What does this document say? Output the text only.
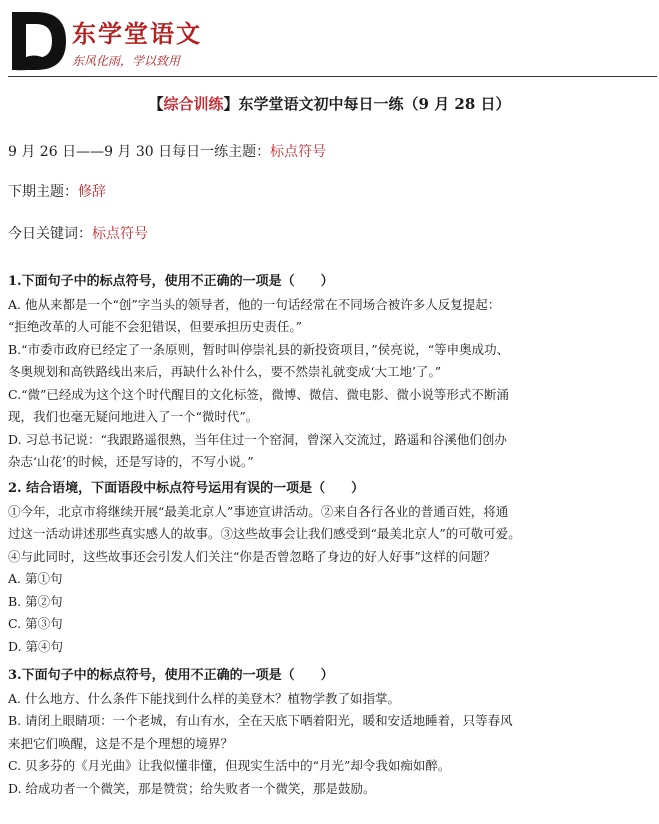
东学堂语文
东风化雨，学以致用
【综合训练】东学堂语文初中每日一练（9 月 28 日）
9 月 26 日——9 月 30 日每日一练主题：标点符号
下期主题：修辞
今日关键词：标点符号
1.下面句子中的标点符号，使用不正确的一项是（　　）
A. 他从来都是一个“创”字当头的领导者，他的一句话经常在不同场合被许多人反复提起：
“拒绝改革的人可能不会犯错误，但要承担历史责任。”
B.“市委市政府已经定了一条原则，暂时叫停崇礼县的新投资项目，”侯亮说，“等申奥成功、
冬奥规划和高铁路线出来后，再缺什么补什么，要不然崇礼就变成‘大工地’了。”
C.“微”已经成为这个这个时代醒目的文化标签，微博、微信、微电影、微小说等形式不断涌
现，我们也毫无疑问地进入了一个“微时代”。
D. 习总书记说：“我跟路遥很熟，当年住过一个窑洞，曾深入交流过，路遥和谷溪他们创办
杂志‘山花’的时候，还是写诗的，不写小说。”
2. 结合语境，下面语段中标点符号运用有误的一项是（　　）
①今年，北京市将继续开展“最美北京人”事迹宣讲活动。②来自各行各业的普通百姓，将通
过这一活动讲述那些真实感人的故事。③这些故事会让我们感受到“最美北京人”的可敬可爱。
④与此同时，这些故事还会引发人们关注“你是否曾忽略了身边的好人好事”这样的问题？
A. 第①句
B. 第②句
C. 第③句
D. 第④句
3.下面句子中的标点符号，使用不正确的一项是（　　）
A. 什么地方、什么条件下能找到什么样的美登木？植物学教了如指掌。
B. 请闭上眼睛项：一个老城，有山有水，全在天底下晒着阳光，暖和安适地睡着，只等春风
来把它们唤醒，这是不是个理想的境界？
C. 贝多芬的《月光曲》让我似懂非懂，但现实生活中的“月光”却令我如痴如醉。
D. 给成功者一个微笑，那是赞赏；给失败者一个微笑，那是鼓励。
